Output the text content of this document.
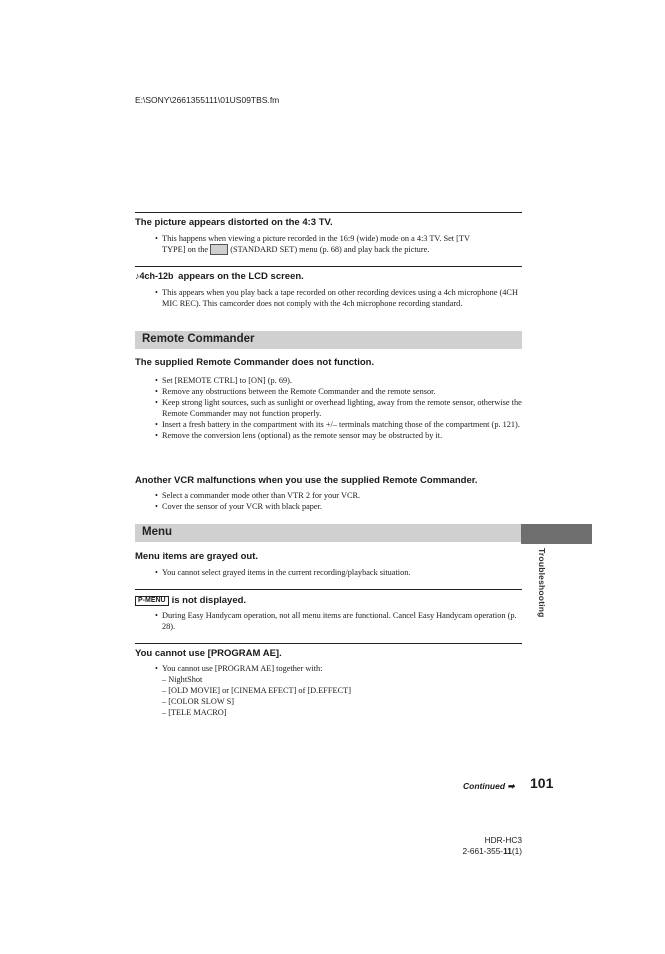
E:\SONY\2661355111\01US09TBS.fm
The picture appears distorted on the 4:3 TV.
• This happens when viewing a picture recorded in the 16:9 (wide) mode on a 4:3 TV. Set [TV
TYPE] on the	(STANDARD SET) menu (p. 68) and play back the picture.
♪4ch-12b appears on the LCD screen.
• This appears when you play back a tape recorded on other recording devices using a 4ch microphone (4CH MIC REC). This camcorder does not comply with the 4ch microphone recording standard.
Remote Commander
The supplied Remote Commander does not function.
• Set [REMOTE CTRL] to [ON] (p. 69).
• Remove any obstructions between the Remote Commander and the remote sensor.
• Keep strong light sources, such as sunlight or overhead lighting, away from the remote sensor, otherwise the Remote Commander may not function properly.
• Insert a fresh battery in the compartment with its +/– terminals matching those of the compartment (p. 121).
• Remove the conversion lens (optional) as the remote sensor may be obstructed by it.
Another VCR malfunctions when you use the supplied Remote Commander.
• Select a commander mode other than VTR 2 for your VCR.
• Cover the sensor of your VCR with black paper.
Menu
Menu items are grayed out.
• You cannot select grayed items in the current recording/playback situation.
P-MENU is not displayed.
• During Easy Handycam operation, not all menu items are functional. Cancel Easy Handycam operation (p. 28).
You cannot use [PROGRAM AE].
• You cannot use [PROGRAM AE] together with:
– NightShot
– [OLD MOVIE] or [CINEMA EFECT] of [D.EFFECT]
– [COLOR SLOW S]
– [TELE MACRO]
Troubleshooting
Continued ➡ 101
HDR-HC3
2-661-355-11(1)
